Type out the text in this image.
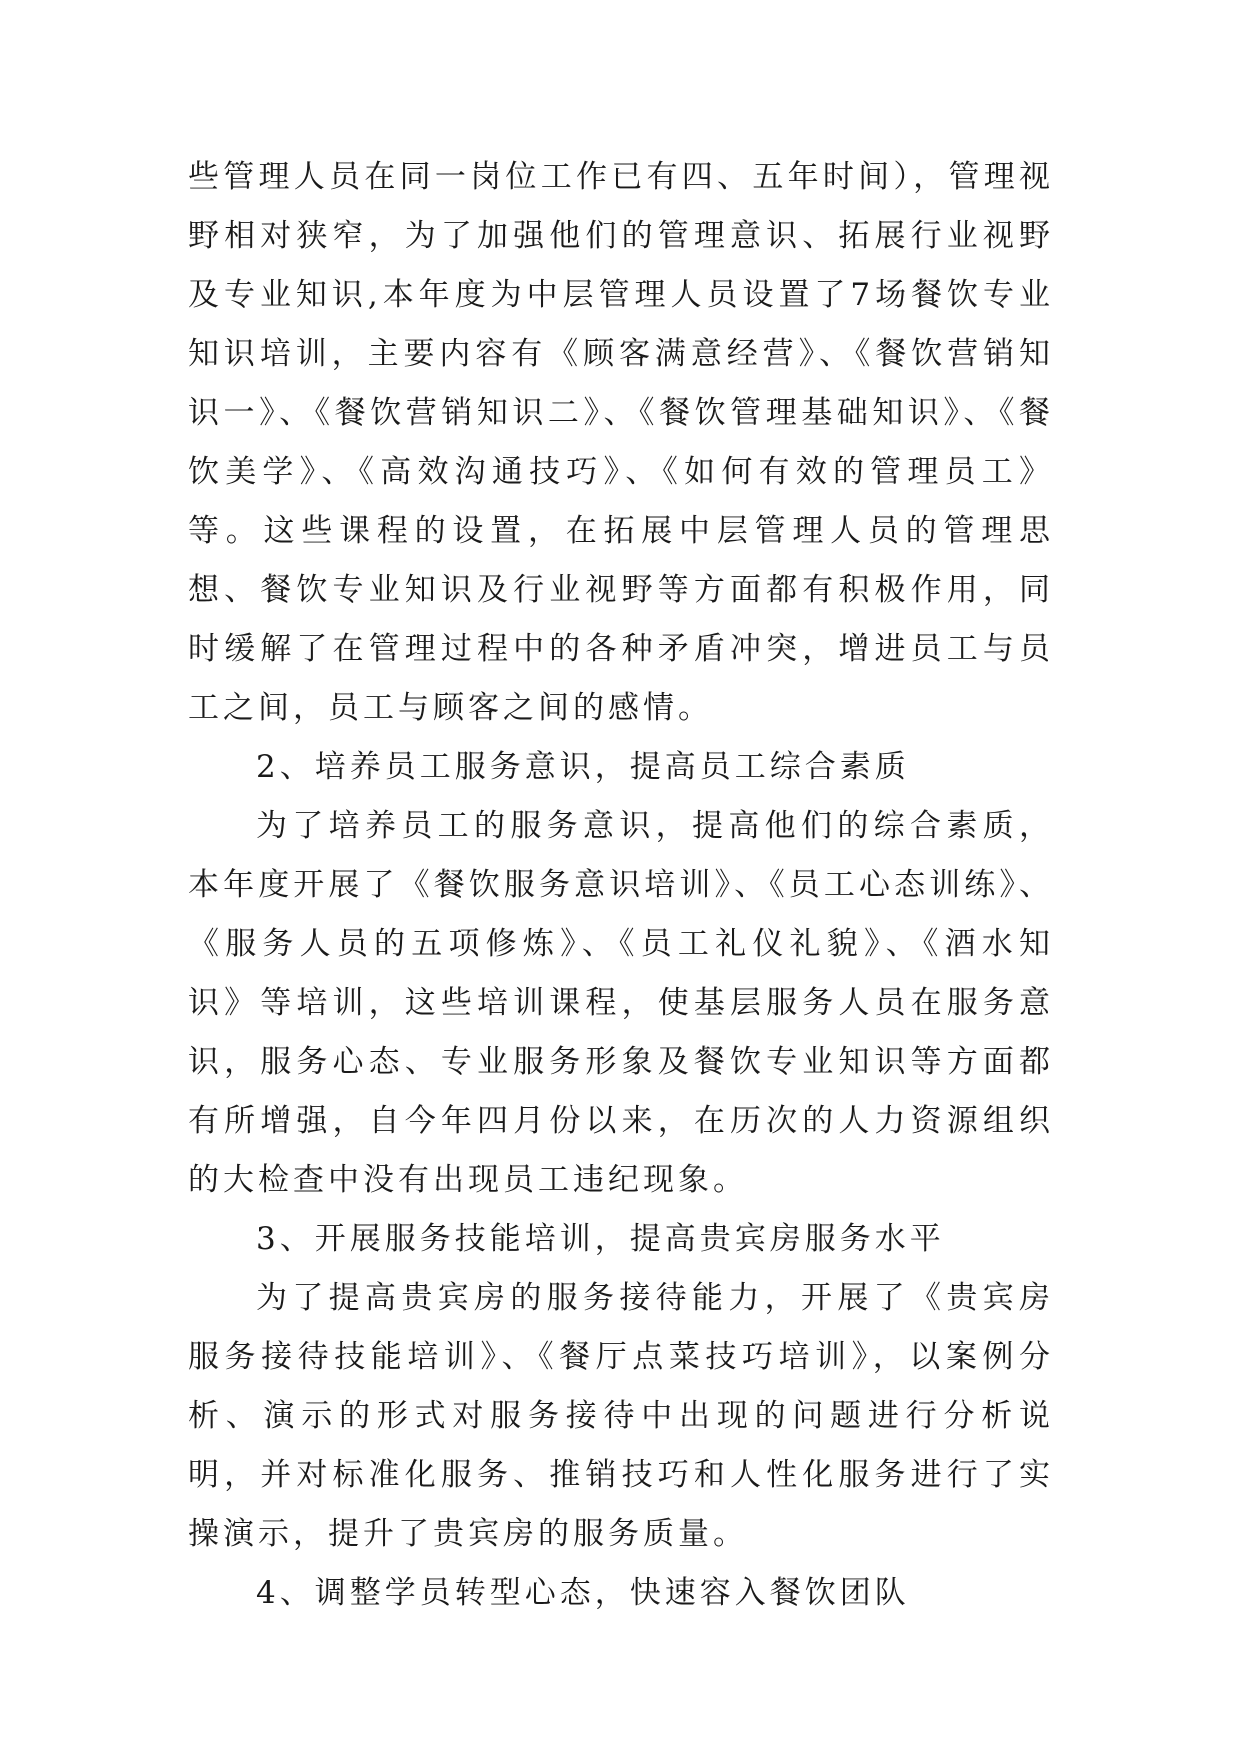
些管理人员在同一岗位工作已有四、五年时间），管理视野相对狭窄，为了加强他们的管理意识、拓展行业视野及专业知识,本年度为中层管理人员设置了7场餐饮专业知识培训，主要内容有《顾客满意经营》、《餐饮营销知识一》、《餐饮营销知识二》、《餐饮管理基础知识》、《餐饮美学》、《高效沟通技巧》、《如何有效的管理员工》等。这些课程的设置，在拓展中层管理人员的管理思想、餐饮专业知识及行业视野等方面都有积极作用，同时缓解了在管理过程中的各种矛盾冲突，增进员工与员工之间，员工与顾客之间的感情。

2、培养员工服务意识，提高员工综合素质

为了培养员工的服务意识，提高他们的综合素质，本年度开展了《餐饮服务意识培训》、《员工心态训练》、《服务人员的五项修炼》、《员工礼仪礼貌》、《酒水知识》等培训，这些培训课程，使基层服务人员在服务意识，服务心态、专业服务形象及餐饮专业知识等方面都有所增强，自今年四月份以来，在历次的人力资源组织的大检查中没有出现员工违纪现象。

3、开展服务技能培训，提高贵宾房服务水平

为了提高贵宾房的服务接待能力，开展了《贵宾房服务接待技能培训》、《餐厅点菜技巧培训》，以案例分析、演示的形式对服务接待中出现的问题进行分析说明，并对标准化服务、推销技巧和人性化服务进行了实操演示，提升了贵宾房的服务质量。

4、调整学员转型心态，快速容入餐饮团队
